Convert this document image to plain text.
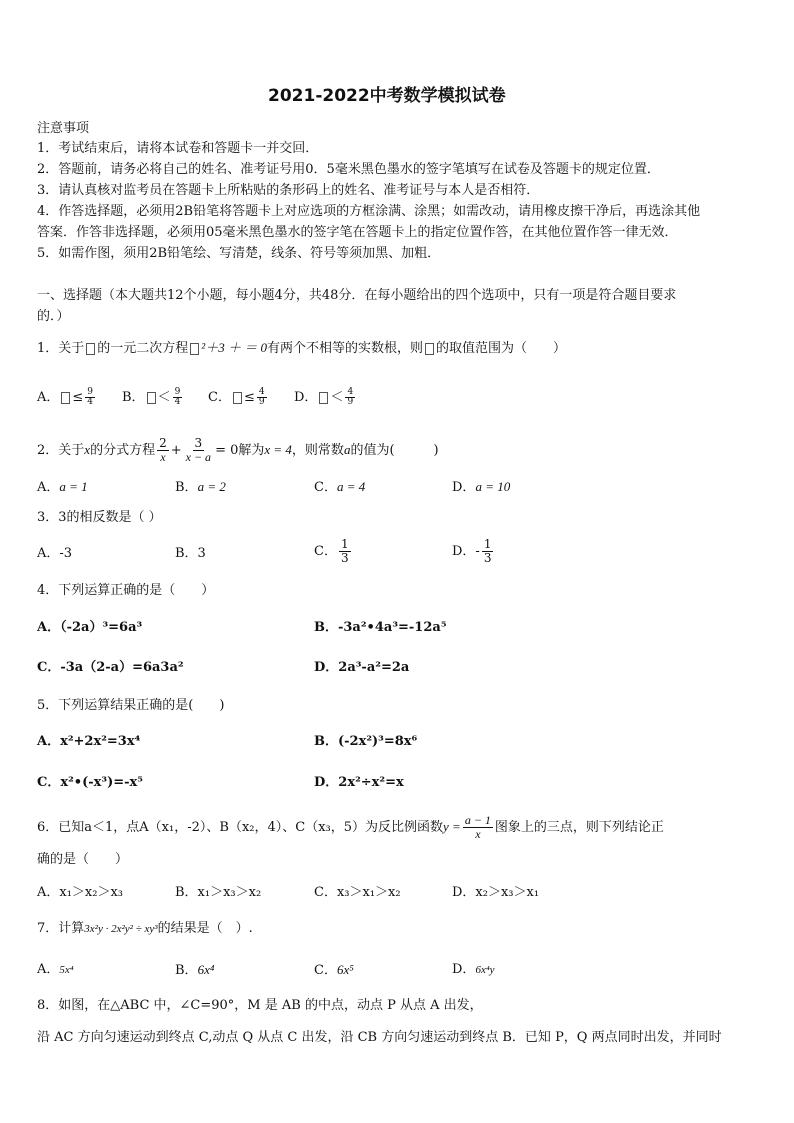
2021-2022中考数学模拟试卷
注意事项
1．考试结束后，请将本试卷和答题卡一并交回．
2．答题前，请务必将自己的姓名、准考证号用0．5毫米黑色墨水的签字笔填写在试卷及答题卡的规定位置．
3．请认真核对监考员在答题卡上所粘贴的条形码上的姓名、准考证号与本人是否相符．
4．作答选择题，必须用2B铅笔将答题卡上对应选项的方框涂满、涂黑；如需改动，请用橡皮擦干净后，再选涂其他
答案．作答非选择题，必须用05毫米黑色墨水的签字笔在答题卡上的指定位置作答，在其他位置作答一律无效．
5．如需作图，须用2B铅笔绘、写清楚，线条、符号等须加黑、加粗．
一、选择题（本大题共12个小题，每小题4分，共48分．在每小题给出的四个选项中，只有一项是符合题目要求
的．）
1．关于 的一元二次方程 ²＋3 ＋ ＝ 0有两个不相等的实数根，则 的取值范围为（　　）
A． ≤ $\frac{9}{4}$ B． ＜ $\frac{9}{4}$ C． ≤ $\frac{4}{9}$ D． ＜ $\frac{4}{9}$
2．关于x的分式方程 $\frac{2}{x} + \frac{3}{x - a} = 0$解为x = 4，则常数a的值为(　　　)
A．a = 1	B．a = 2	C．a = 4	D．a = 10
3．3的相反数是（ ）
A．-3	B．3	C． $\frac{1}{3}$	D．- $\frac{1}{3}$
4．下列运算正确的是（　　）
A．（-2a）³=6a³	B．-3a²•4a³=-12a⁵
C．-3a（2-a）=6a3a²	D．2a³-a²=2a
5．下列运算结果正确的是(　　)
A．x²+2x²=3x⁴	B．(-2x²)³=8x⁶
C．x²•(-x³)=-x⁵	D．2x²÷x²=x
6．已知a＜1，点A（x₁，-2）、B（x₂，4）、C（x₃，5）为反比例函数$y = \frac{a - 1}{x}$ 图象上的三点，则下列结论正
确的是（　　）
A．x₁＞x₂＞x₃	B．x₁＞x₃＞x₂	C．x₃＞x₁＞x₂	D．x₂＞x₃＞x₁
7．计算3x²y · 2x²y² ÷ xy³的结果是（　）.
A．5x⁴	B．6x⁴	C．6x⁵	D．6x⁴y
8．如图，在△ABC 中，∠C=90°，M 是 AB 的中点，动点 P 从点 A 出发，
沿 AC 方向匀速运动到终点 C,动点 Q 从点 C 出发，沿 CB 方向匀速运动到终点 B．已知 P，Q 两点同时出发，并同时
